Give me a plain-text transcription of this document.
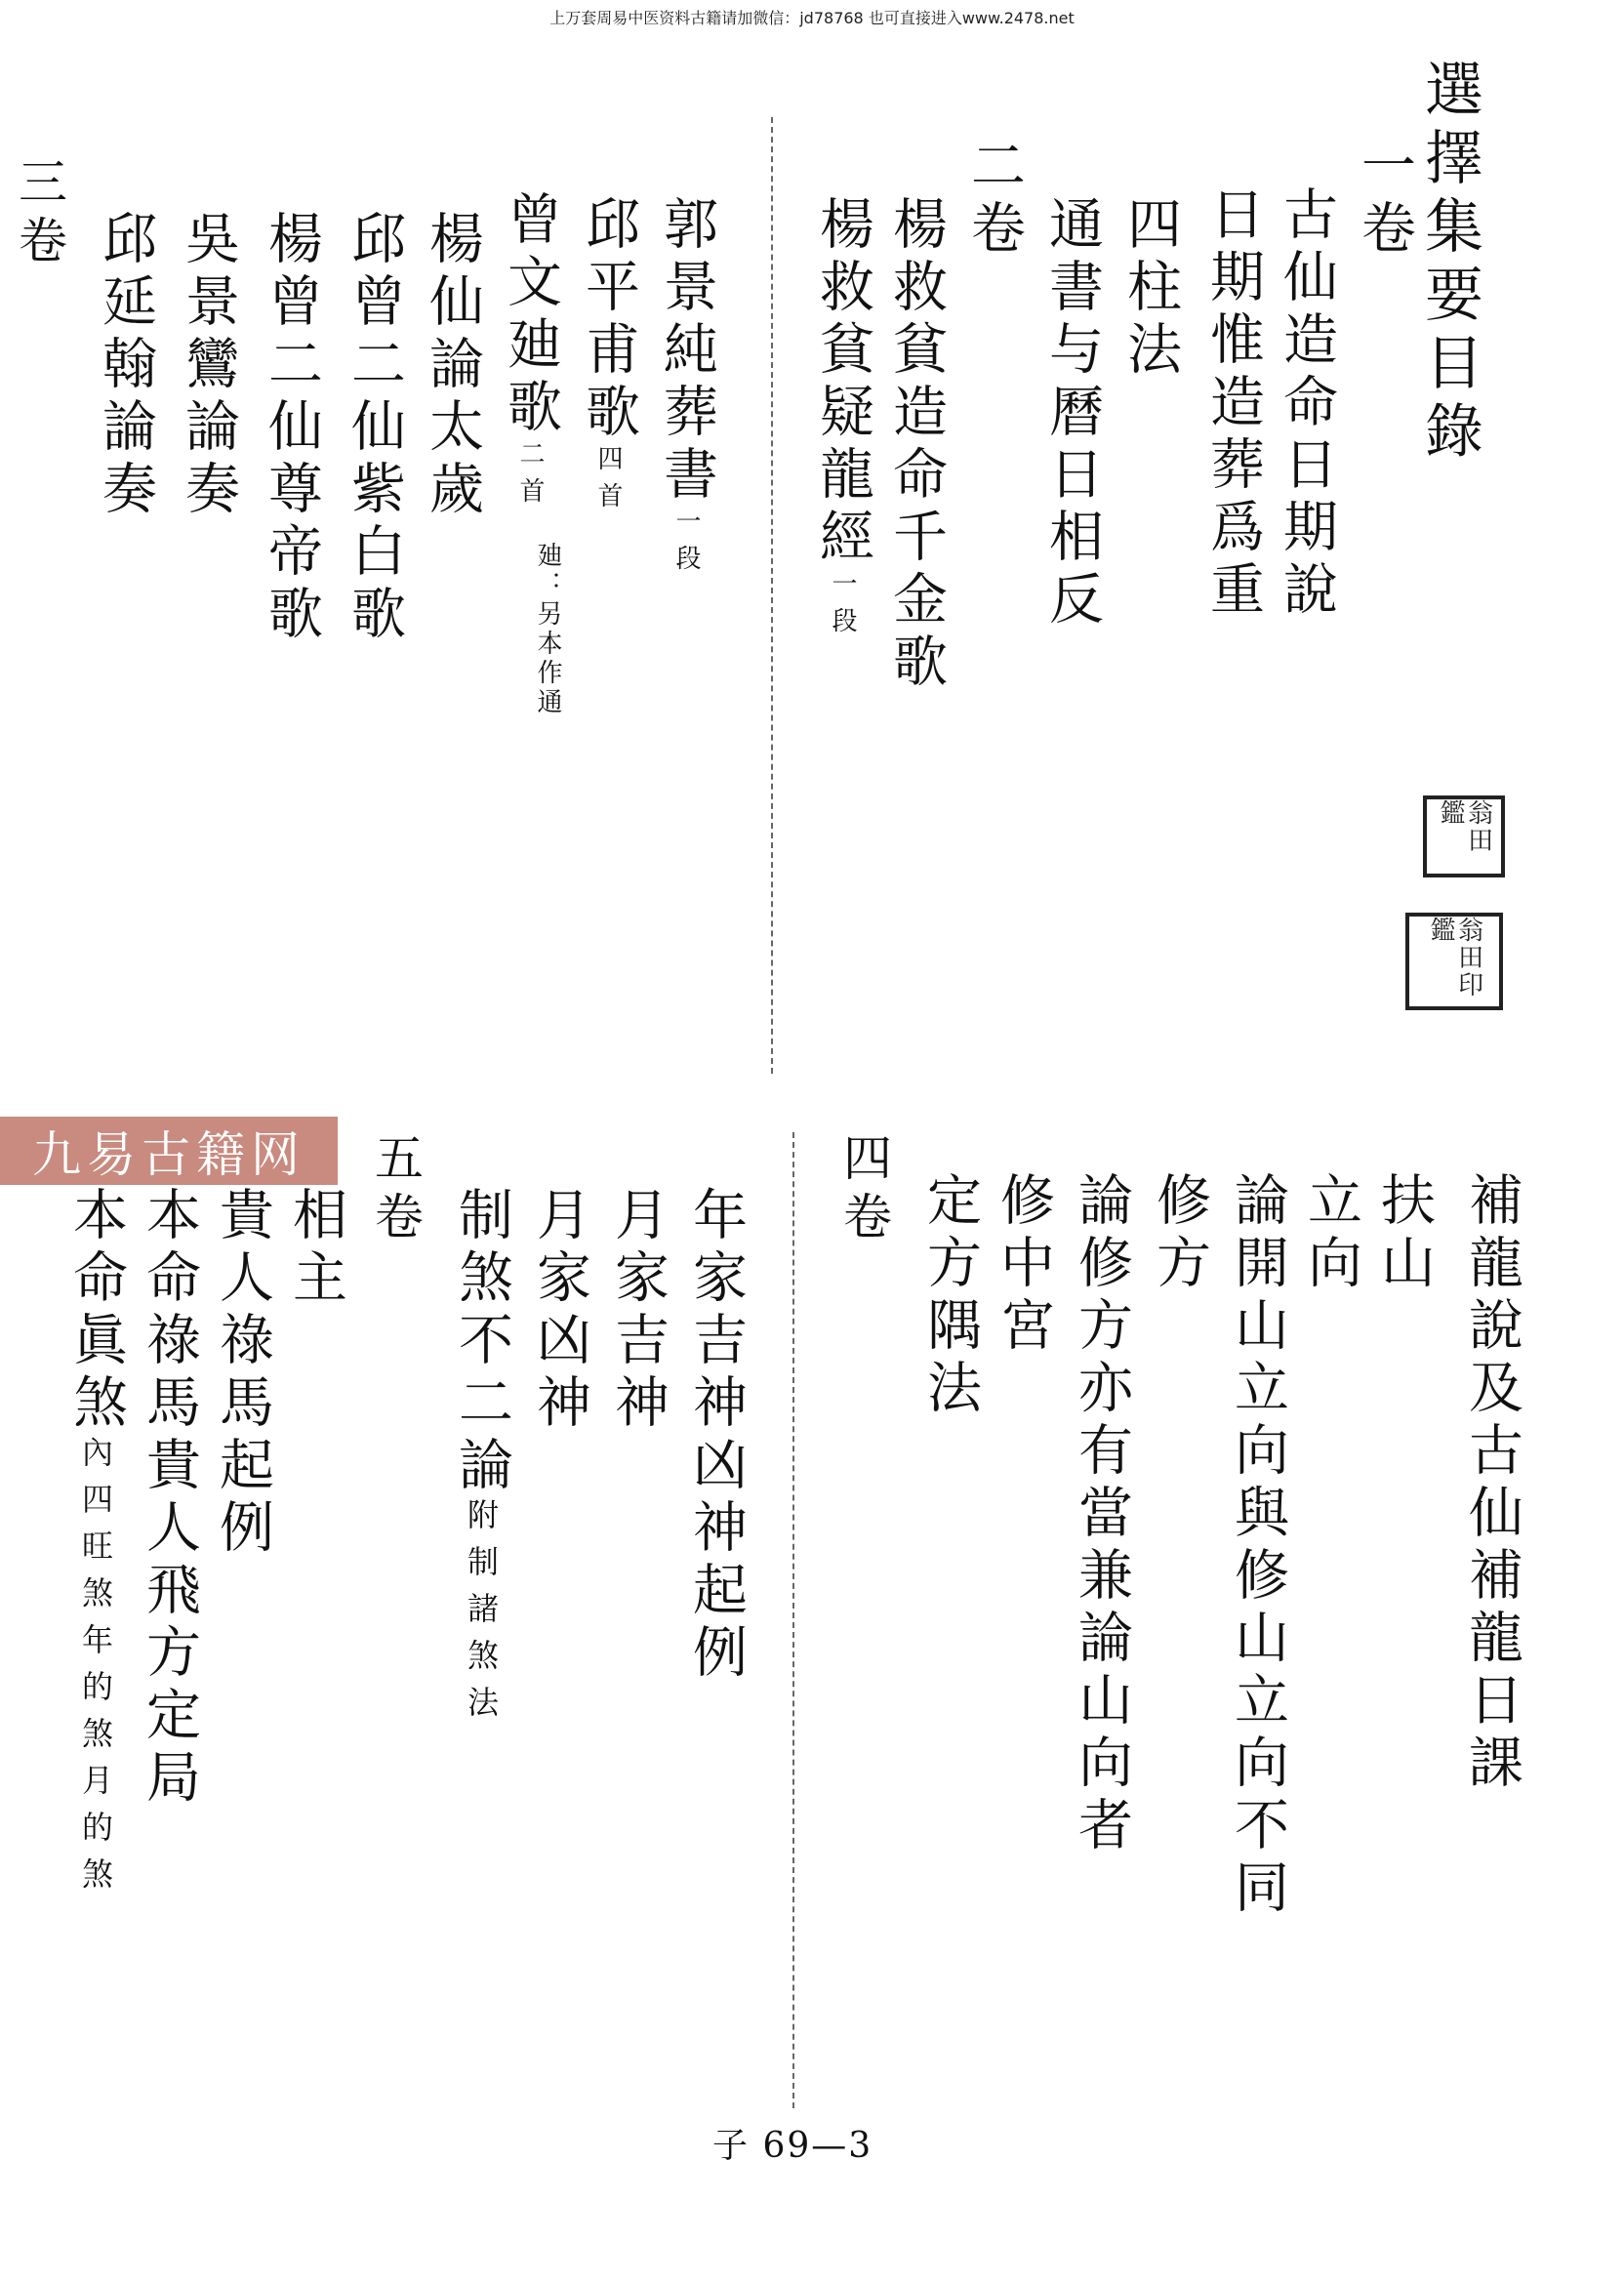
上万套周易中医资料古籍请加微信：jd78768 也可直接进入www.2478.net
選擇集要目錄
一卷
古仙造命日期說
日期惟造葬爲重
四柱法
通書与曆日相反
二卷
楊救貧造命千金歌
楊救貧疑龍經一段
郭景純葬書一段
邱平甫歌四首
曾文廸歌二首
廸：另本作通
楊仙論太歲
邱曾二仙紫白歌
楊曾二仙尊帝歌
吳景鸞論奏
邱延翰論奏
三卷
翁田鑑
翁田印鑑
九易古籍网
補龍說及古仙補龍日課
扶山
立向
論開山立向與修山立向不同
修方
論修方亦有當兼論山向者
修中宮
定方隅法
四卷
年家吉神凶神起例
月家吉神
月家凶神
制煞不二論附制諸煞法
五卷
相主
貴人祿馬起例
本命祿馬貴人飛方定局
本命眞煞內四旺煞年的煞月的煞
子 69—3
